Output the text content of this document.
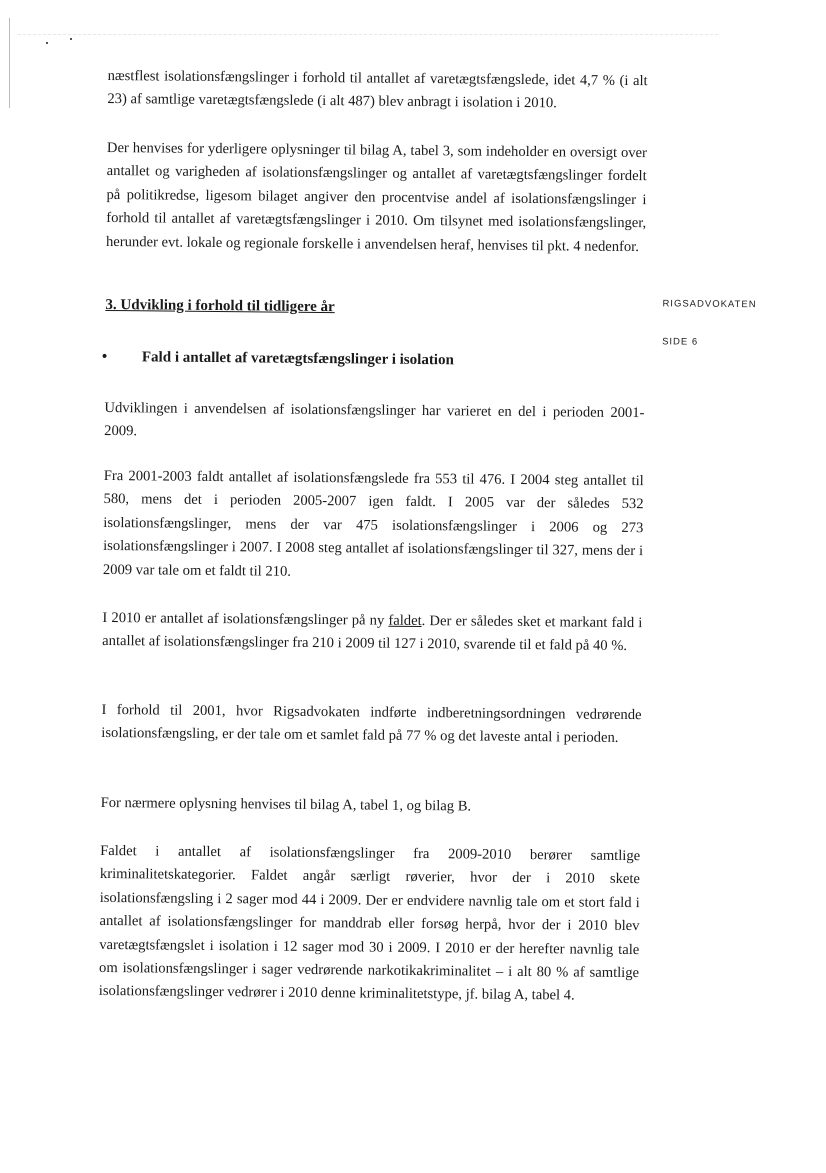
næstflest isolationsfængslinger i forhold til antallet af varetægtsfængslede, idet 4,7 % (i alt 23) af samtlige varetægtsfængslede (i alt 487) blev anbragt i isolation i 2010.

Der henvises for yderligere oplysninger til bilag A, tabel 3, som indeholder en oversigt over antallet og varigheden af isolationsfængslinger og antallet af varetægtsfængslinger fordelt på politikredse, ligesom bilaget angiver den procentvise andel af isolationsfængslinger i forhold til antallet af varetægtsfængslinger i 2010. Om tilsynet med isolationsfængslinger, herunder evt. lokale og regionale forskelle i anvendelsen heraf, henvises til pkt. 4 nedenfor.

RIGSADVOKATEN
SIDE 6
3. Udvikling i forhold til tidligere år
• Fald i antallet af varetægtsfængslinger i isolation

Udviklingen i anvendelsen af isolationsfængslinger har varieret en del i perioden 2001-2009.

Fra 2001-2003 faldt antallet af isolationsfængslede fra 553 til 476. I 2004 steg antallet til 580, mens det i perioden 2005-2007 igen faldt. I 2005 var der således 532 isolationsfængslinger, mens der var 475 isolationsfængslinger i 2006 og 273 isolationsfængslinger i 2007. I 2008 steg antallet af isolationsfængslinger til 327, mens der i 2009 var tale om et faldt til 210.

I 2010 er antallet af isolationsfængslinger på ny faldet. Der er således sket et markant fald i antallet af isolationsfængslinger fra 210 i 2009 til 127 i 2010, svarende til et fald på 40 %.

I forhold til 2001, hvor Rigsadvokaten indførte indberetningsordningen vedrørende isolationsfængsling, er der tale om et samlet fald på 77 % og det laveste antal i perioden.

For nærmere oplysning henvises til bilag A, tabel 1, og bilag B.

Faldet i antallet af isolationsfængslinger fra 2009-2010 berører samtlige kriminalitetskategorier. Faldet angår særligt røverier, hvor der i 2010 skete isolationsfængsling i 2 sager mod 44 i 2009. Der er endvidere navnlig tale om et stort fald i antallet af isolationsfængslinger for manddrab eller forsøg herpå, hvor der i 2010 blev varetægtsfængslet i isolation i 12 sager mod 30 i 2009. I 2010 er der herefter navnlig tale om isolationsfængslinger i sager vedrørende narkotikakriminalitet – i alt 80 % af samtlige isolationsfængslinger vedrører i 2010 denne kriminalitetstype, jf. bilag A, tabel 4.
